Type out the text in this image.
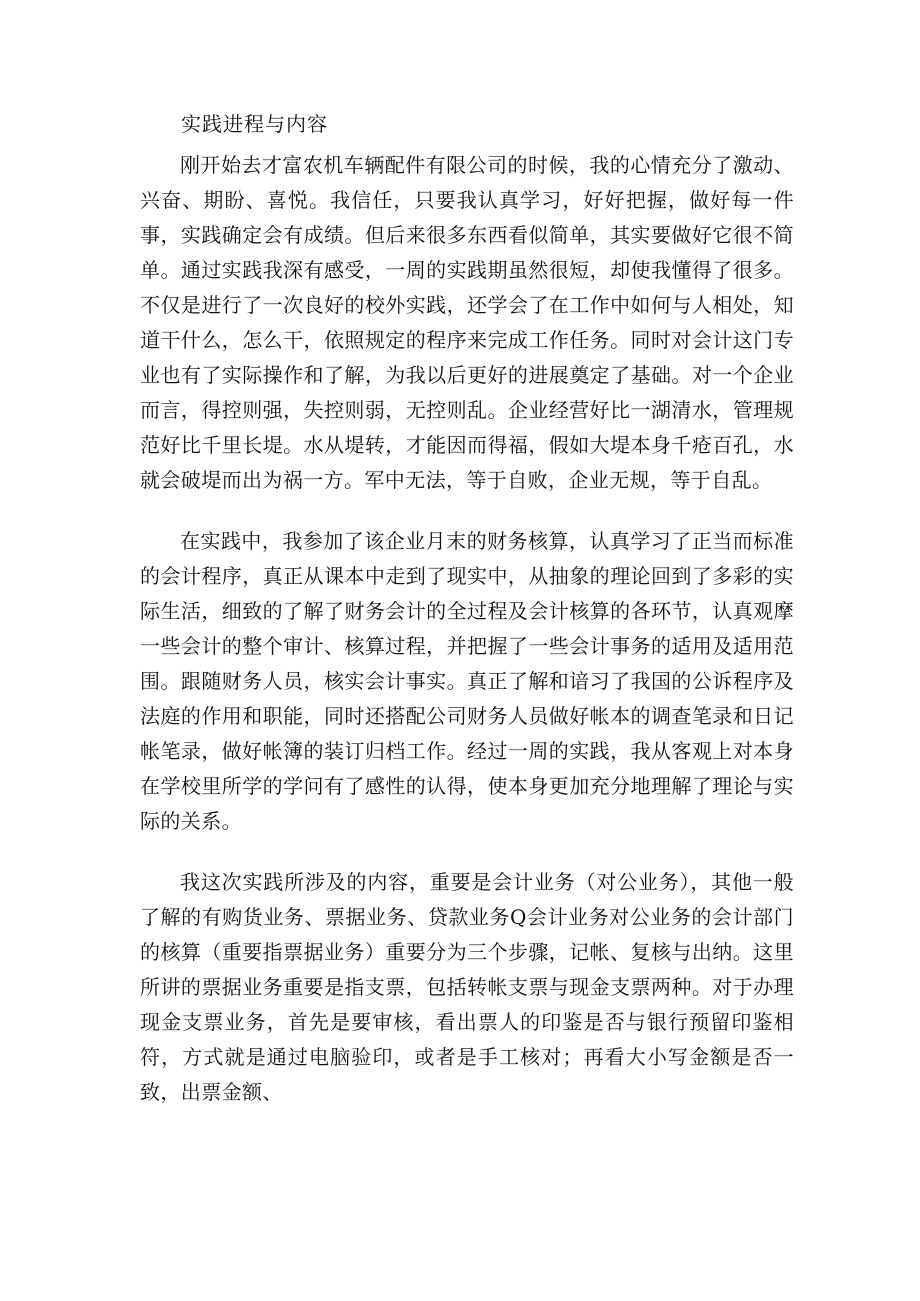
实践进程与内容

刚开始去才富农机车辆配件有限公司的时候，我的心情充分了激动、兴奋、期盼、喜悦。我信任，只要我认真学习，好好把握，做好每一件事，实践确定会有成绩。但后来很多东西看似简单，其实要做好它很不简单。通过实践我深有感受，一周的实践期虽然很短，却使我懂得了很多。不仅是进行了一次良好的校外实践，还学会了在工作中如何与人相处，知道干什么，怎么干，依照规定的程序来完成工作任务。同时对会计这门专业也有了实际操作和了解，为我以后更好的进展奠定了基础。对一个企业而言，得控则强，失控则弱，无控则乱。企业经营好比一湖清水，管理规范好比千里长堤。水从堤转，才能因而得福，假如大堤本身千疮百孔，水就会破堤而出为祸一方。军中无法，等于自败，企业无规，等于自乱。

在实践中，我参加了该企业月末的财务核算，认真学习了正当而标准的会计程序，真正从课本中走到了现实中，从抽象的理论回到了多彩的实际生活，细致的了解了财务会计的全过程及会计核算的各环节，认真观摩一些会计的整个审计、核算过程，并把握了一些会计事务的适用及适用范围。跟随财务人员，核实会计事实。真正了解和谙习了我国的公诉程序及法庭的作用和职能，同时还搭配公司财务人员做好帐本的调查笔录和日记帐笔录，做好帐簿的装订归档工作。经过一周的实践，我从客观上对本身在学校里所学的学问有了感性的认得，使本身更加充分地理解了理论与实际的关系。

我这次实践所涉及的内容，重要是会计业务（对公业务），其他一般了解的有购货业务、票据业务、贷款业务Q会计业务对公业务的会计部门的核算（重要指票据业务）重要分为三个步骤，记帐、复核与出纳。这里所讲的票据业务重要是指支票，包括转帐支票与现金支票两种。对于办理现金支票业务，首先是要审核，看出票人的印鉴是否与银行预留印鉴相符，方式就是通过电脑验印，或者是手工核对；再看大小写金额是否一致，出票金额、
